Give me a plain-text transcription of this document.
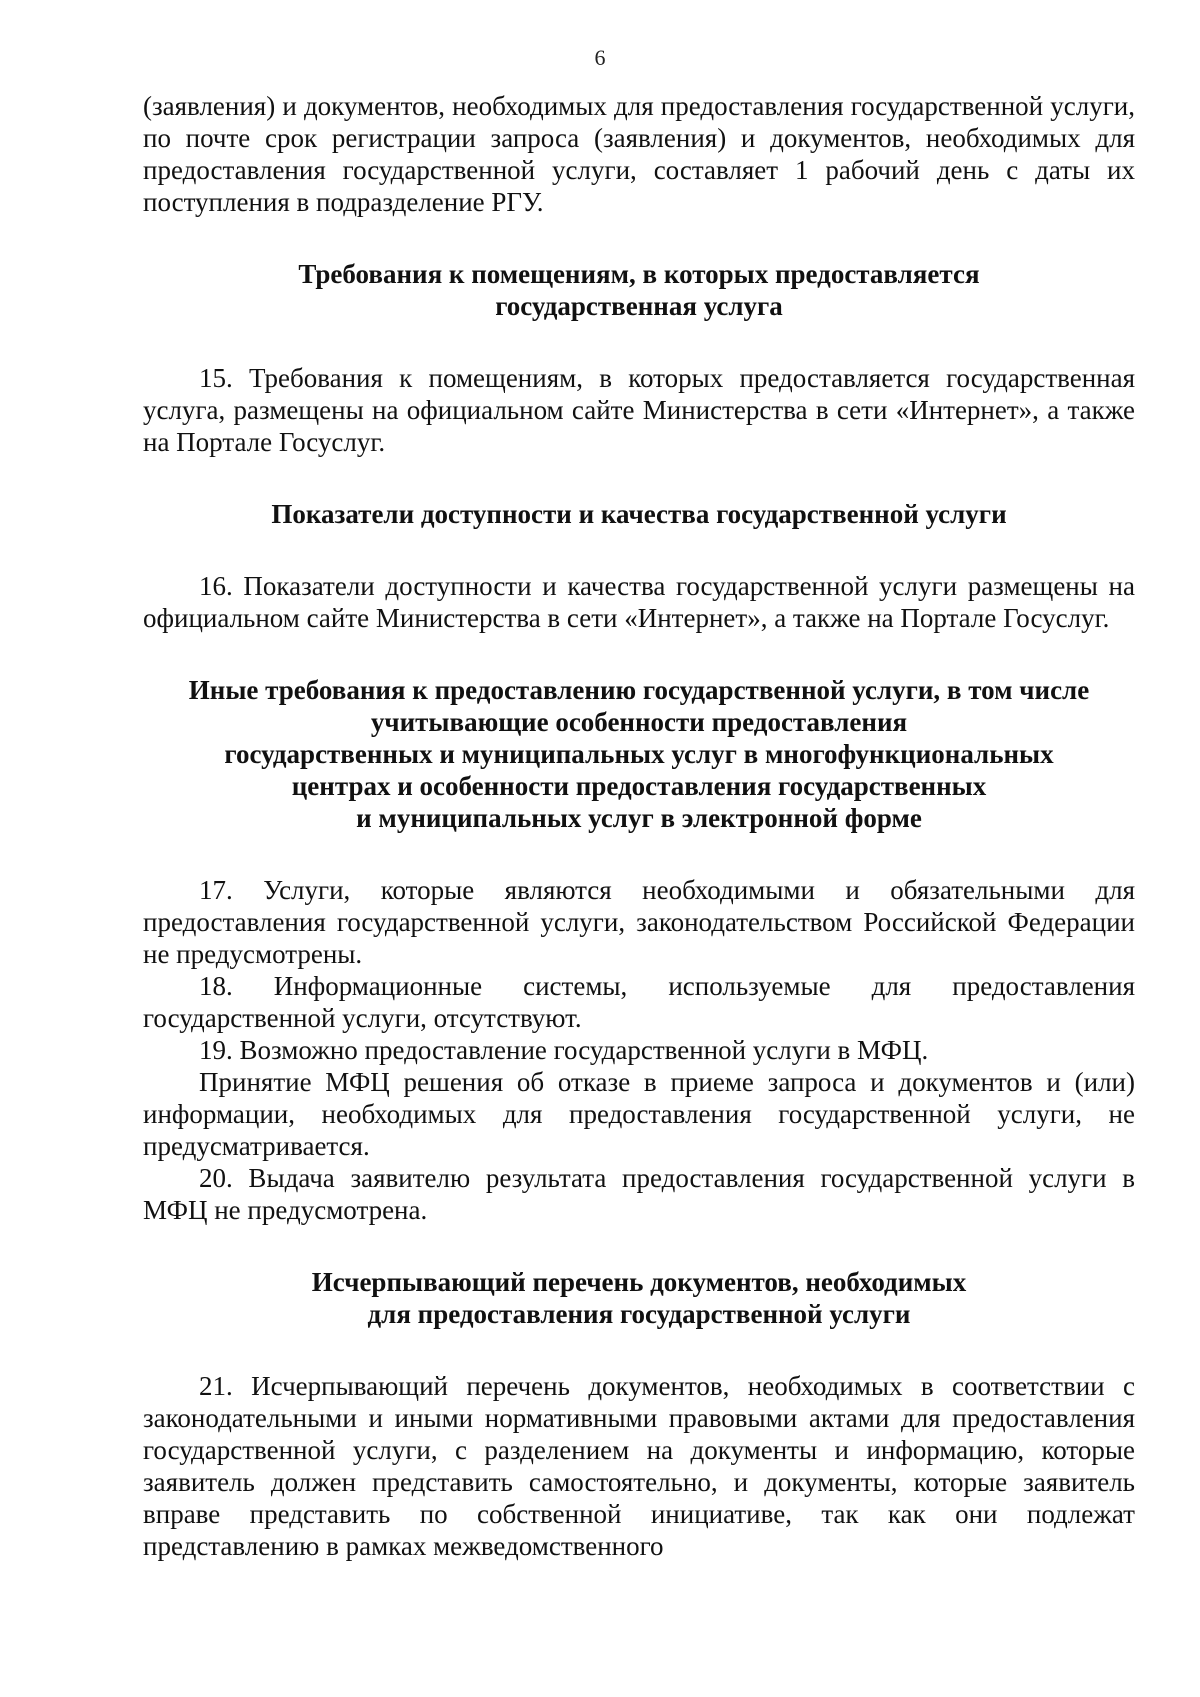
6

(заявления) и документов, необходимых для предоставления государственной услуги, по почте срок регистрации запроса (заявления) и документов, необходимых для предоставления государственной услуги, составляет 1 рабочий день с даты их поступления в подразделение РГУ.

Требования к помещениям, в которых предоставляется
государственная услуга

15. Требования к помещениям, в которых предоставляется государственная услуга, размещены на официальном сайте Министерства в сети «Интернет», а также на Портале Госуслуг.

Показатели доступности и качества государственной услуги

16. Показатели доступности и качества государственной услуги размещены на официальном сайте Министерства в сети «Интернет», а также на Портале Госуслуг.

Иные требования к предоставлению государственной услуги, в том числе
учитывающие особенности предоставления
государственных и муниципальных услуг в многофункциональных
центрах и особенности предоставления государственных
и муниципальных услуг в электронной форме

17. Услуги, которые являются необходимыми и обязательными для предоставления государственной услуги, законодательством Российской Федерации не предусмотрены.

18. Информационные системы, используемые для предоставления государственной услуги, отсутствуют.

19. Возможно предоставление государственной услуги в МФЦ.

Принятие МФЦ решения об отказе в приеме запроса и документов и (или) информации, необходимых для предоставления государственной услуги, не предусматривается.

20. Выдача заявителю результата предоставления государственной услуги в МФЦ не предусмотрена.

Исчерпывающий перечень документов, необходимых
для предоставления государственной услуги

21. Исчерпывающий перечень документов, необходимых в соответствии с законодательными и иными нормативными правовыми актами для предоставления государственной услуги, с разделением на документы и информацию, которые заявитель должен представить самостоятельно, и документы, которые заявитель вправе представить по собственной инициативе, так как они подлежат представлению в рамках межведомственного
